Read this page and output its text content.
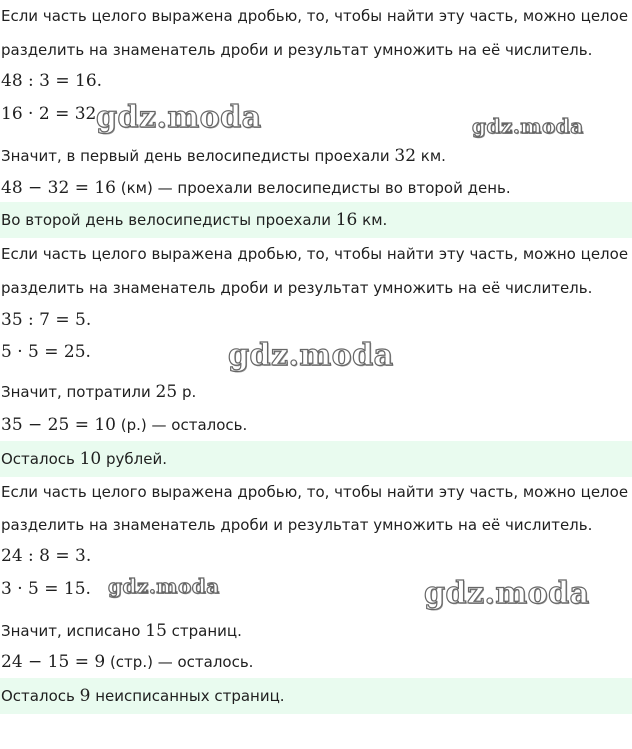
Если часть целого выражена дробью, то, чтобы найти эту часть, можно целое
разделить на знаменатель дроби и результат умножить на её числитель.
48 : 3 = 16.
16 · 2 = 32.
Значит, в первый день велосипедисты проехали 32 км.
48 − 32 = 16 (км) — проехали велосипедисты во второй день.
Во второй день велосипедисты проехали 16 км.
Если часть целого выражена дробью, то, чтобы найти эту часть, можно целое
разделить на знаменатель дроби и результат умножить на её числитель.
35 : 7 = 5.
5 · 5 = 25.
Значит, потратили 25 р.
35 − 25 = 10 (р.) — осталось.
Осталось 10 рублей.
Если часть целого выражена дробью, то, чтобы найти эту часть, можно целое
разделить на знаменатель дроби и результат умножить на её числитель.
24 : 8 = 3.
3 · 5 = 15.
Значит, исписано 15 страниц.
24 − 15 = 9 (стр.) — осталось.
Осталось 9 неисписанных страниц.
gdz.moda	gdz.moda
gdz.moda
gdz.moda	gdz.moda
